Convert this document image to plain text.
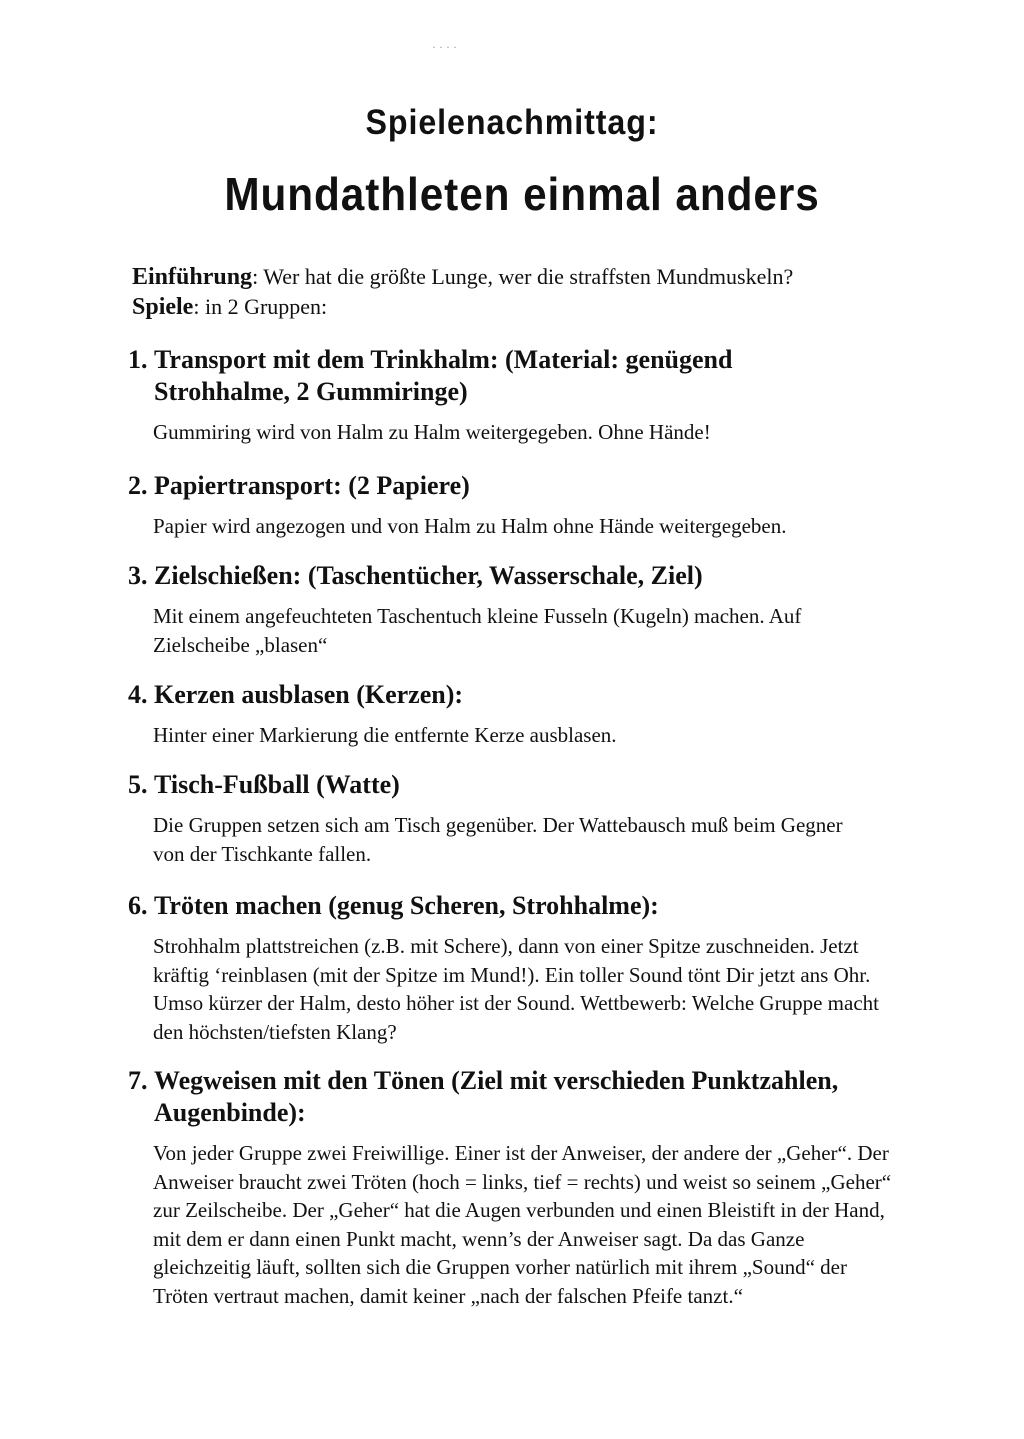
· · · ·
Spielenachmittag:
Mundathleten einmal anders
Einführung: Wer hat die größte Lunge, wer die straffsten Mundmuskeln?
Spiele: in 2 Gruppen:
1. Transport mit dem Trinkhalm: (Material: genügend Strohhalme, 2 Gummiringe)
Gummiring wird von Halm zu Halm weitergegeben. Ohne Hände!
2. Papiertransport: (2 Papiere)
Papier wird angezogen und von Halm zu Halm ohne Hände weitergegeben.
3. Zielschießen: (Taschentücher, Wasserschale, Ziel)
Mit einem angefeuchteten Taschentuch kleine Fusseln (Kugeln) machen. Auf Zielscheibe „blasen“
4. Kerzen ausblasen (Kerzen):
Hinter einer Markierung die entfernte Kerze ausblasen.
5. Tisch-Fußball (Watte)
Die Gruppen setzen sich am Tisch gegenüber. Der Wattebausch muß beim Gegner von der Tischkante fallen.
6. Tröten machen (genug Scheren, Strohhalme):
Strohhalm plattstreichen (z.B. mit Schere), dann von einer Spitze zuschneiden. Jetzt kräftig ‘reinblasen (mit der Spitze im Mund!). Ein toller Sound tönt Dir jetzt ans Ohr. Umso kürzer der Halm, desto höher ist der Sound. Wettbewerb: Welche Gruppe macht den höchsten/tiefsten Klang?
7. Wegweisen mit den Tönen (Ziel mit verschieden Punktzahlen, Augenbinde):
Von jeder Gruppe zwei Freiwillige. Einer ist der Anweiser, der andere der „Geher“. Der Anweiser braucht zwei Tröten (hoch = links, tief = rechts) und weist so seinem „Geher“ zur Zeilscheibe. Der „Geher“ hat die Augen verbunden und einen Bleistift in der Hand, mit dem er dann einen Punkt macht, wenn’s der Anweiser sagt. Da das Ganze gleichzeitig läuft, sollten sich die Gruppen vorher natürlich mit ihrem „Sound“ der Tröten vertraut machen, damit keiner „nach der falschen Pfeife tanzt.“
